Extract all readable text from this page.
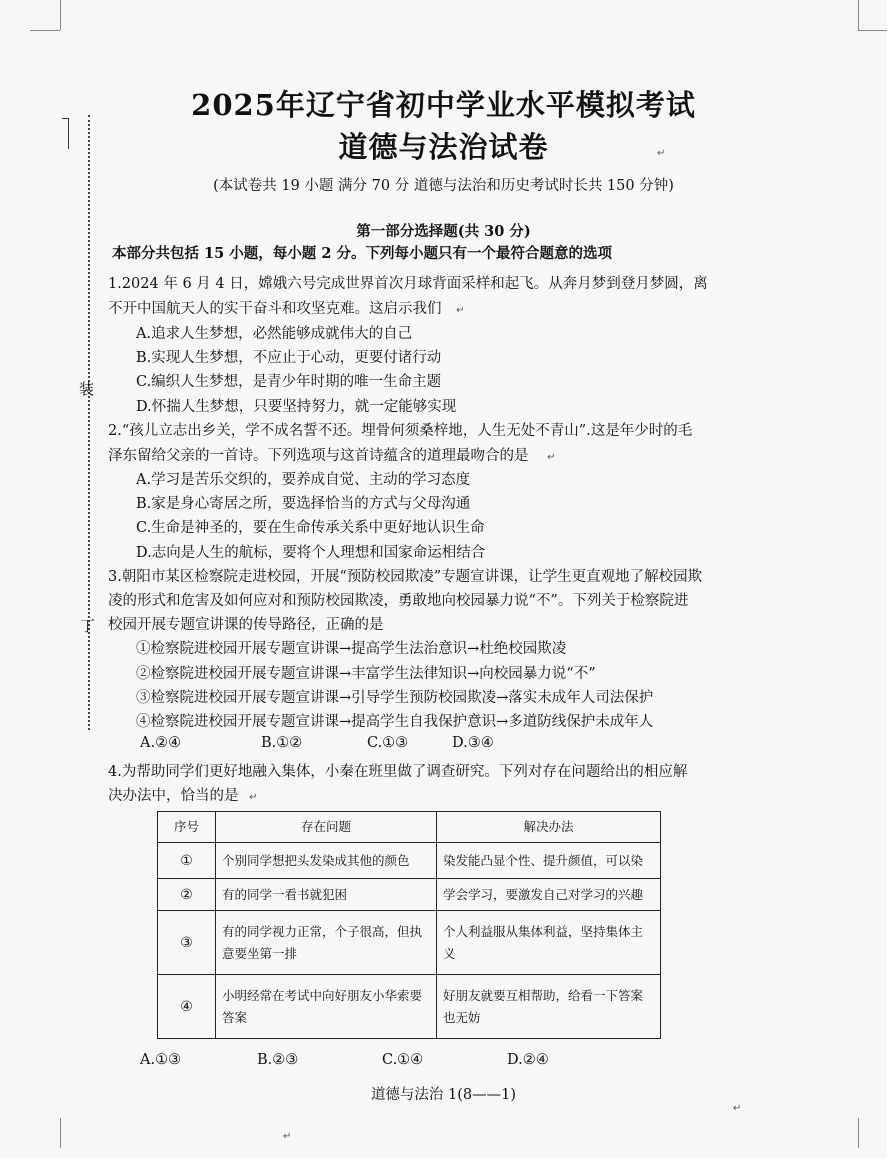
装
丁
2025年辽宁省初中学业水平模拟考试
道德与法治试卷	↵
(本试卷共 19 小题 满分 70 分 道德与法治和历史考试时长共 150 分钟)
第一部分选择题(共 30 分)
本部分共包括 15 小题，每小题 2 分。下列每小题只有一个最符合题意的选项
1.2024 年 6 月 4 日，嫦娥六号完成世界首次月球背面采样和起飞。从奔月梦到登月梦圆，离
不开中国航天人的实干奋斗和攻坚克难。这启示我们 ↵
A.追求人生梦想，必然能够成就伟大的自己
B.实现人生梦想，不应止于心动，更要付诸行动
C.编织人生梦想，是青少年时期的唯一生命主题
D.怀揣人生梦想，只要坚持努力，就一定能够实现
2.“孩儿立志出乡关，学不成名誓不还。埋骨何须桑梓地，人生无处不青山”.这是年少时的毛
泽东留给父亲的一首诗。下列选项与这首诗蕴含的道理最吻合的是 ↵
A.学习是苦乐交织的，要养成自觉、主动的学习态度
B.家是身心寄居之所，要选择恰当的方式与父母沟通
C.生命是神圣的，要在生命传承关系中更好地认识生命
D.志向是人生的航标，要将个人理想和国家命运相结合
3.朝阳市某区检察院走进校园，开展“预防校园欺凌”专题宣讲课，让学生更直观地了解校园欺
凌的形式和危害及如何应对和预防校园欺凌，勇敢地向校园暴力说“不”。下列关于检察院进
校园开展专题宣讲课的传导路径，正确的是
①检察院进校园开展专题宣讲课→提高学生法治意识→杜绝校园欺凌
②检察院进校园开展专题宣讲课→丰富学生法律知识→向校园暴力说“不”
③检察院进校园开展专题宣讲课→引导学生预防校园欺凌→落实未成年人司法保护
④检察院进校园开展专题宣讲课→提高学生自我保护意识→多道防线保护未成年人
A.②④	B.①②	C.①③	D.③④
4.为帮助同学们更好地融入集体，小秦在班里做了调查研究。下列对存在问题给出的相应解
决办法中，恰当的是 ↵
序号	存在问题	解决办法
①	个别同学想把头发染成其他的颜色	染发能凸显个性、提升颜值，可以染
②	有的同学一看书就犯困	学会学习，要激发自己对学习的兴趣
③	有的同学视力正常，个子很高，但执意要坐第一排	个人利益服从集体利益，坚持集体主义
④	小明经常在考试中向好朋友小华索要答案	好朋友就要互相帮助，给看一下答案也无妨
A.①③	B.②③	C.①④	D.②④
道德与法治 1(8——1)
↵
↵
